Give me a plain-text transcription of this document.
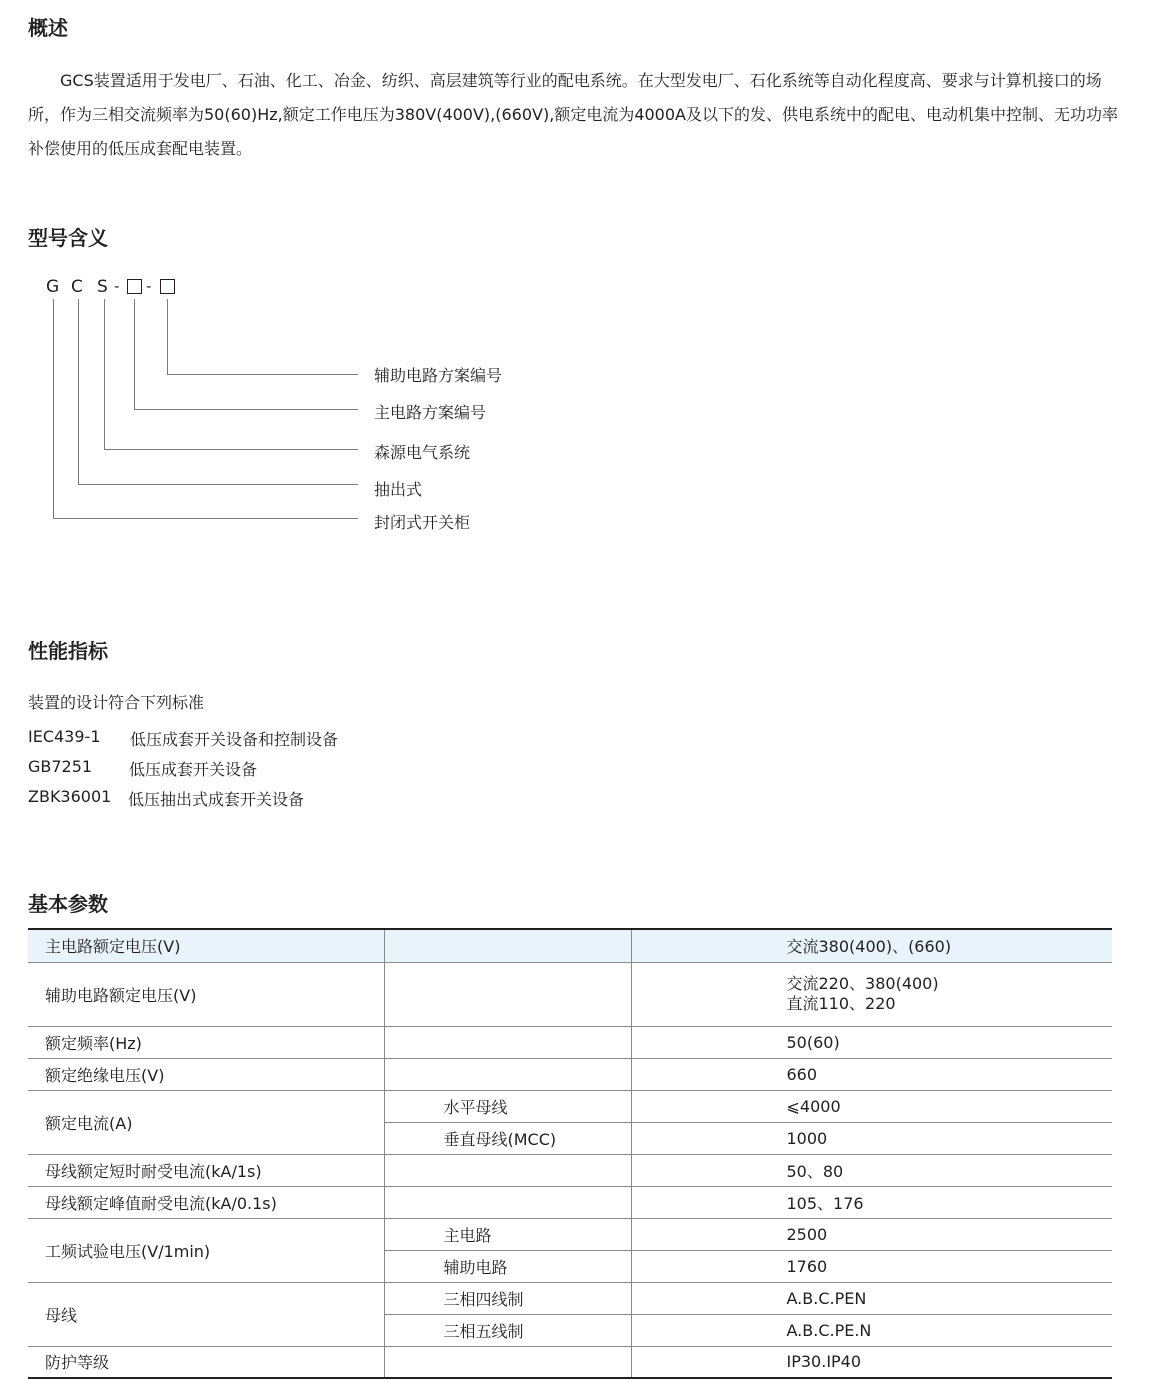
概述

GCS装置适用于发电厂、石油、化工、冶金、纺织、高层建筑等行业的配电系统。在大型发电厂、石化系统等自动化程度高、要求与计算机接口的场所，作为三相交流频率为50(60)Hz,额定工作电压为380V(400V),(660V),额定电流为4000A及以下的发、供电系统中的配电、电动机集中控制、无功功率补偿使用的低压成套配电装置。

型号含义
G C S - -
辅助电路方案编号
主电路方案编号
森源电气系统
抽出式
封闭式开关柜
性能指标
装置的设计符合下列标准
IEC439-1 低压成套开关设备和控制设备
GB7251 低压成套开关设备
ZBK36001 低压抽出式成套开关设备
基本参数
主电路额定电压(V)		交流380(400)、(660)
辅助电路额定电压(V)		交流220、380(400)
直流110、220

额定频率(Hz)		50(60)
额定绝缘电压(V)		660
额定电流(A)	水平母线	⩽4000
	垂直母线(MCC)	1000
母线额定短时耐受电流(kA/1s)		50、80
母线额定峰值耐受电流(kA/0.1s)		105、176
工频试验电压(V/1min)	主电路	2500
	辅助电路	1760
母线	三相四线制	A.B.C.PEN
	三相五线制	A.B.C.PE.N
防护等级		IP30.IP40
